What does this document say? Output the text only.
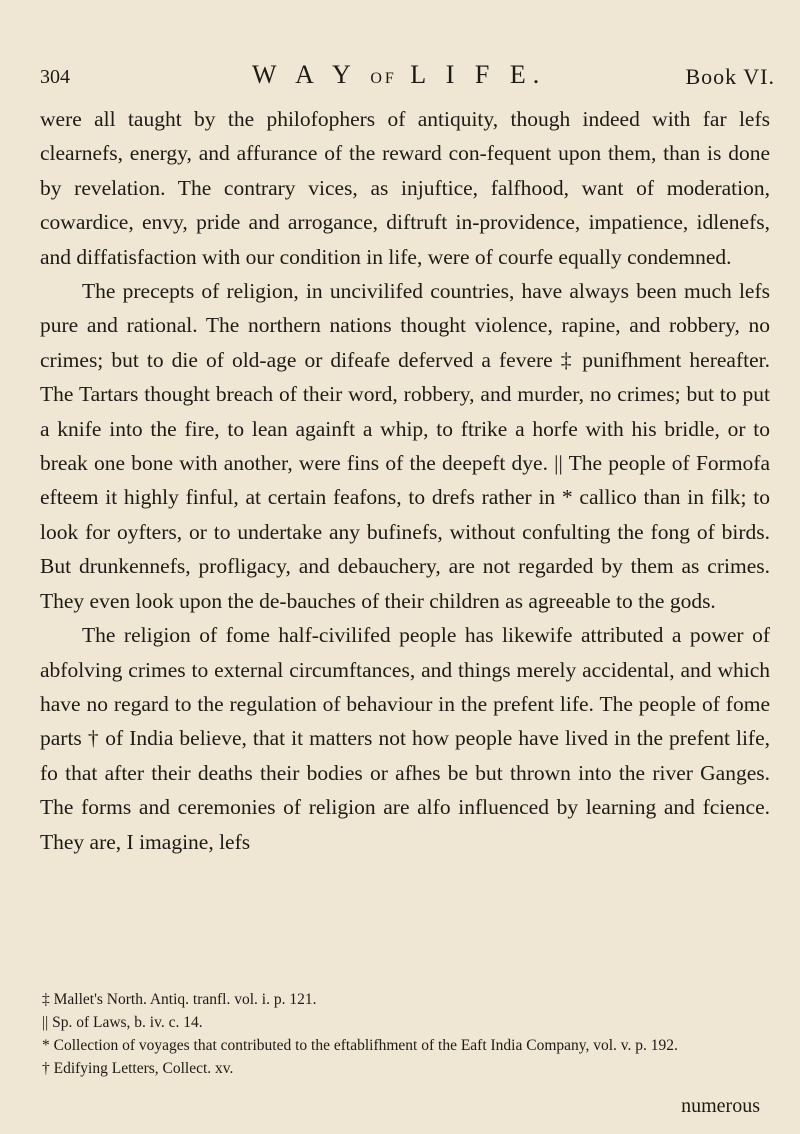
304	W A Y OF L I F E.	Book VI.

were all taught by the philofophers of antiquity, though indeed with far lefs clearnefs, energy, and affurance of the reward con-fequent upon them, than is done by revelation. The contrary vices, as injuftice, falfhood, want of moderation, cowardice, envy, pride and arrogance, diftruft in-providence, impatience, idlenefs, and diffatisfaction with our condition in life, were of courfe equally condemned.

The precepts of religion, in uncivilifed countries, have always been much lefs pure and rational. The northern nations thought violence, rapine, and robbery, no crimes; but to die of old-age or difeafe deferved a fevere ‡ punifhment hereafter. The Tartars thought breach of their word, robbery, and murder, no crimes; but to put a knife into the fire, to lean againft a whip, to ftrike a horfe with his bridle, or to break one bone with another, were fins of the deepeft dye. || The people of Formofa efteem it highly finful, at certain feafons, to drefs rather in * callico than in filk; to look for oyfters, or to undertake any bufinefs, without confulting the fong of birds. But drunkennefs, profligacy, and debauchery, are not regarded by them as crimes. They even look upon the de-bauches of their children as agreeable to the gods.

The religion of fome half-civilifed people has likewife attributed a power of abfolving crimes to external circumftances, and things merely accidental, and which have no regard to the regulation of behaviour in the prefent life. The people of fome parts † of India believe, that it matters not how people have lived in the prefent life, fo that after their deaths their bodies or afhes be but thrown into the river Ganges. The forms and ceremonies of religion are alfo influenced by learning and fcience. They are, I imagine, lefs

‡ Mallet's North. Antiq. tranfl. vol. i. p. 121.

|| Sp. of Laws, b. iv. c. 14.

* Collection of voyages that contributed to the eftablifhment of the Eaft India Company, vol. v. p. 192.

† Edifying Letters, Collect. xv.

numerous
